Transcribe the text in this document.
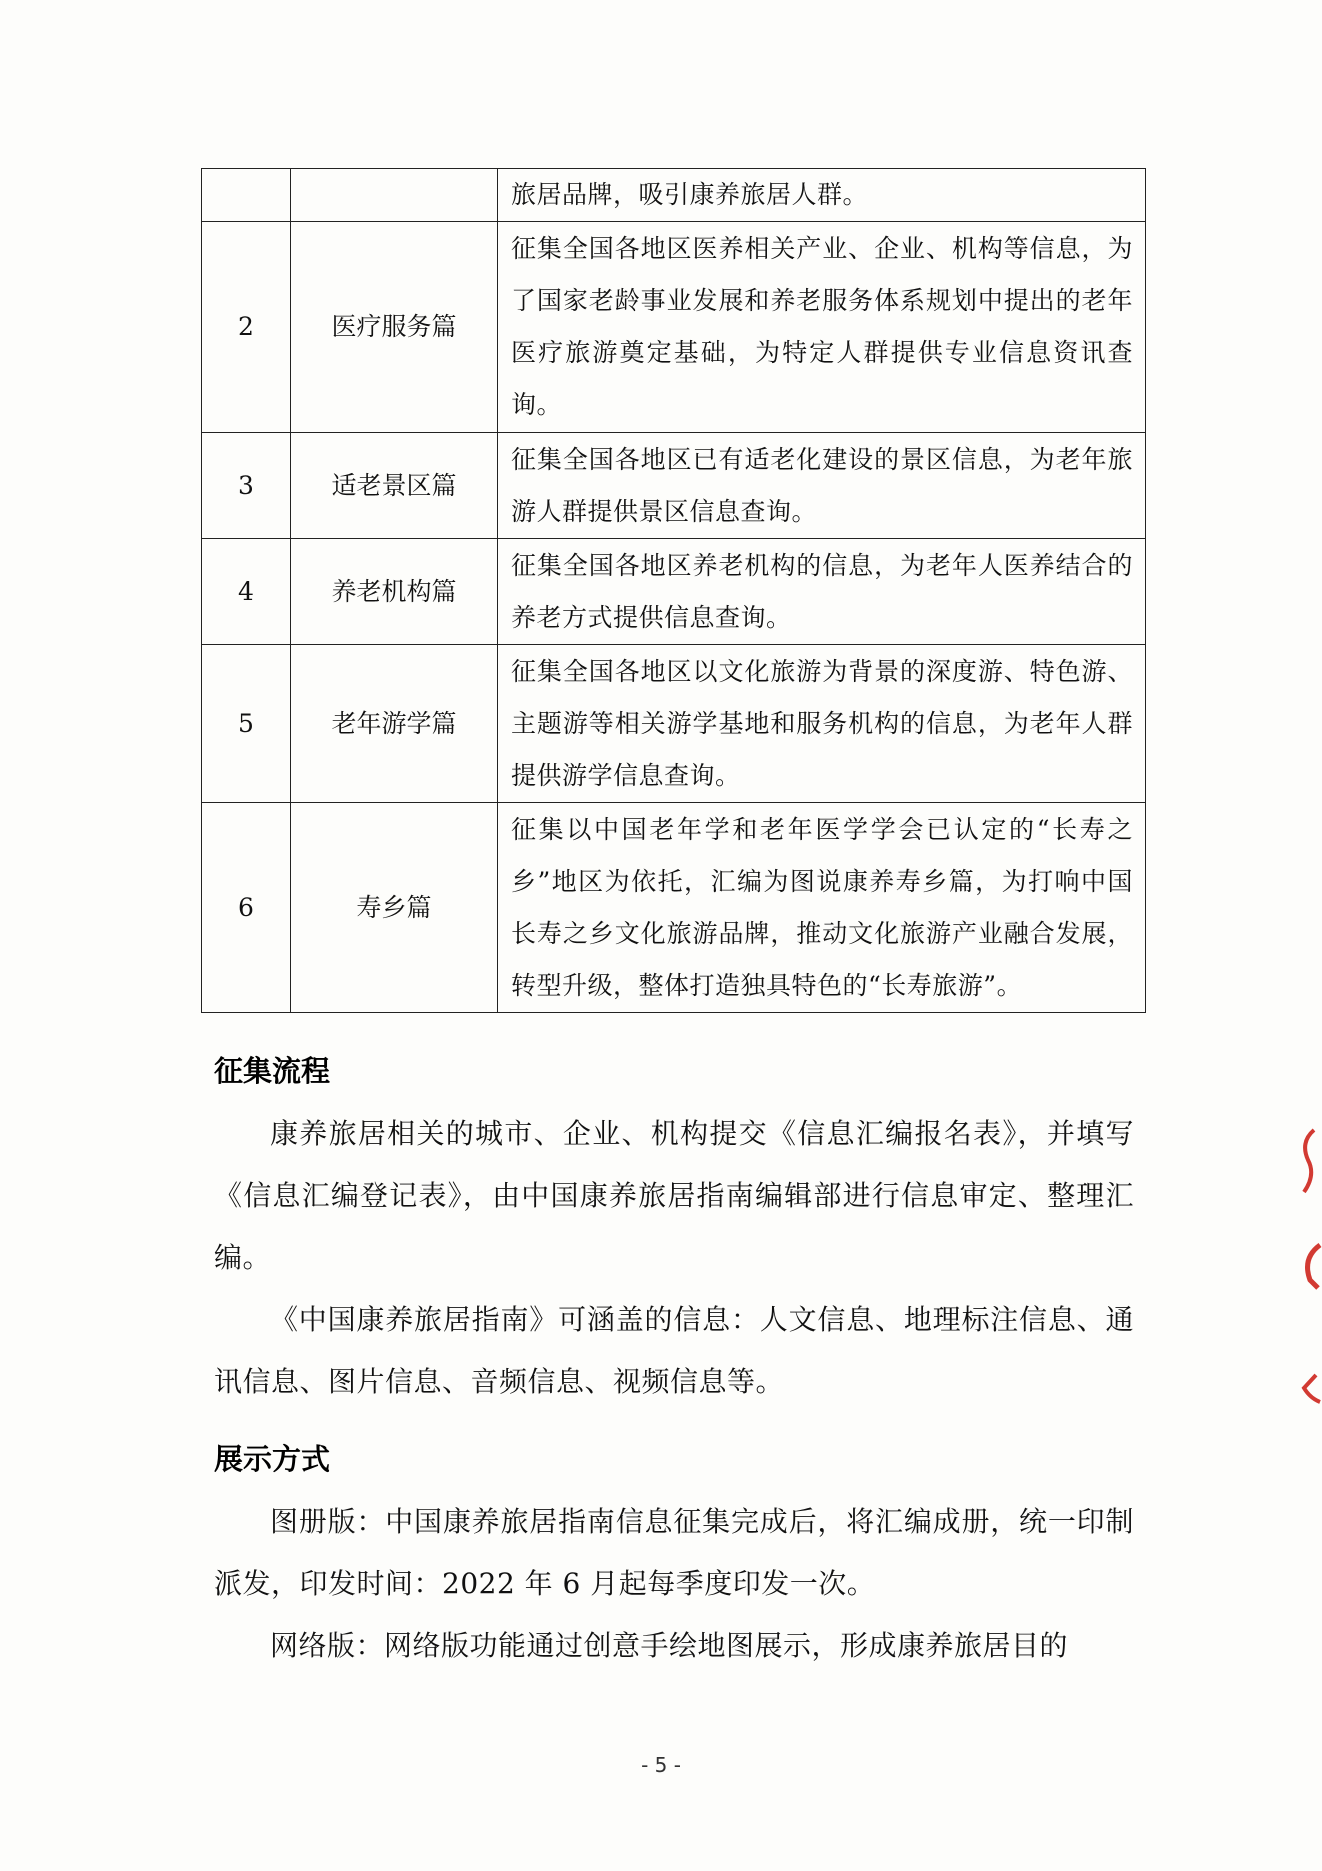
		旅居品牌，吸引康养旅居人群。
2	医疗服务篇	征集全国各地区医养相关产业、企业、机构等信息，为了国家老龄事业发展和养老服务体系规划中提出的老年医疗旅游奠定基础，为特定人群提供专业信息资讯查询。
3	适老景区篇	征集全国各地区已有适老化建设的景区信息，为老年旅游人群提供景区信息查询。
4	养老机构篇	征集全国各地区养老机构的信息，为老年人医养结合的养老方式提供信息查询。
5	老年游学篇	征集全国各地区以文化旅游为背景的深度游、特色游、主题游等相关游学基地和服务机构的信息，为老年人群提供游学信息查询。
6	寿乡篇	征集以中国老年学和老年医学学会已认定的“长寿之乡”地区为依托，汇编为图说康养寿乡篇，为打响中国长寿之乡文化旅游品牌，推动文化旅游产业融合发展，转型升级，整体打造独具特色的“长寿旅游”。
征集流程
康养旅居相关的城市、企业、机构提交《信息汇编报名表》，并填写《信息汇编登记表》，由中国康养旅居指南编辑部进行信息审定、整理汇编。
《中国康养旅居指南》可涵盖的信息：人文信息、地理标注信息、通讯信息、图片信息、音频信息、视频信息等。
展示方式
图册版：中国康养旅居指南信息征集完成后，将汇编成册，统一印制派发，印发时间：2022 年 6 月起每季度印发一次。
网络版：网络版功能通过创意手绘地图展示，形成康养旅居目的
- 5 -
